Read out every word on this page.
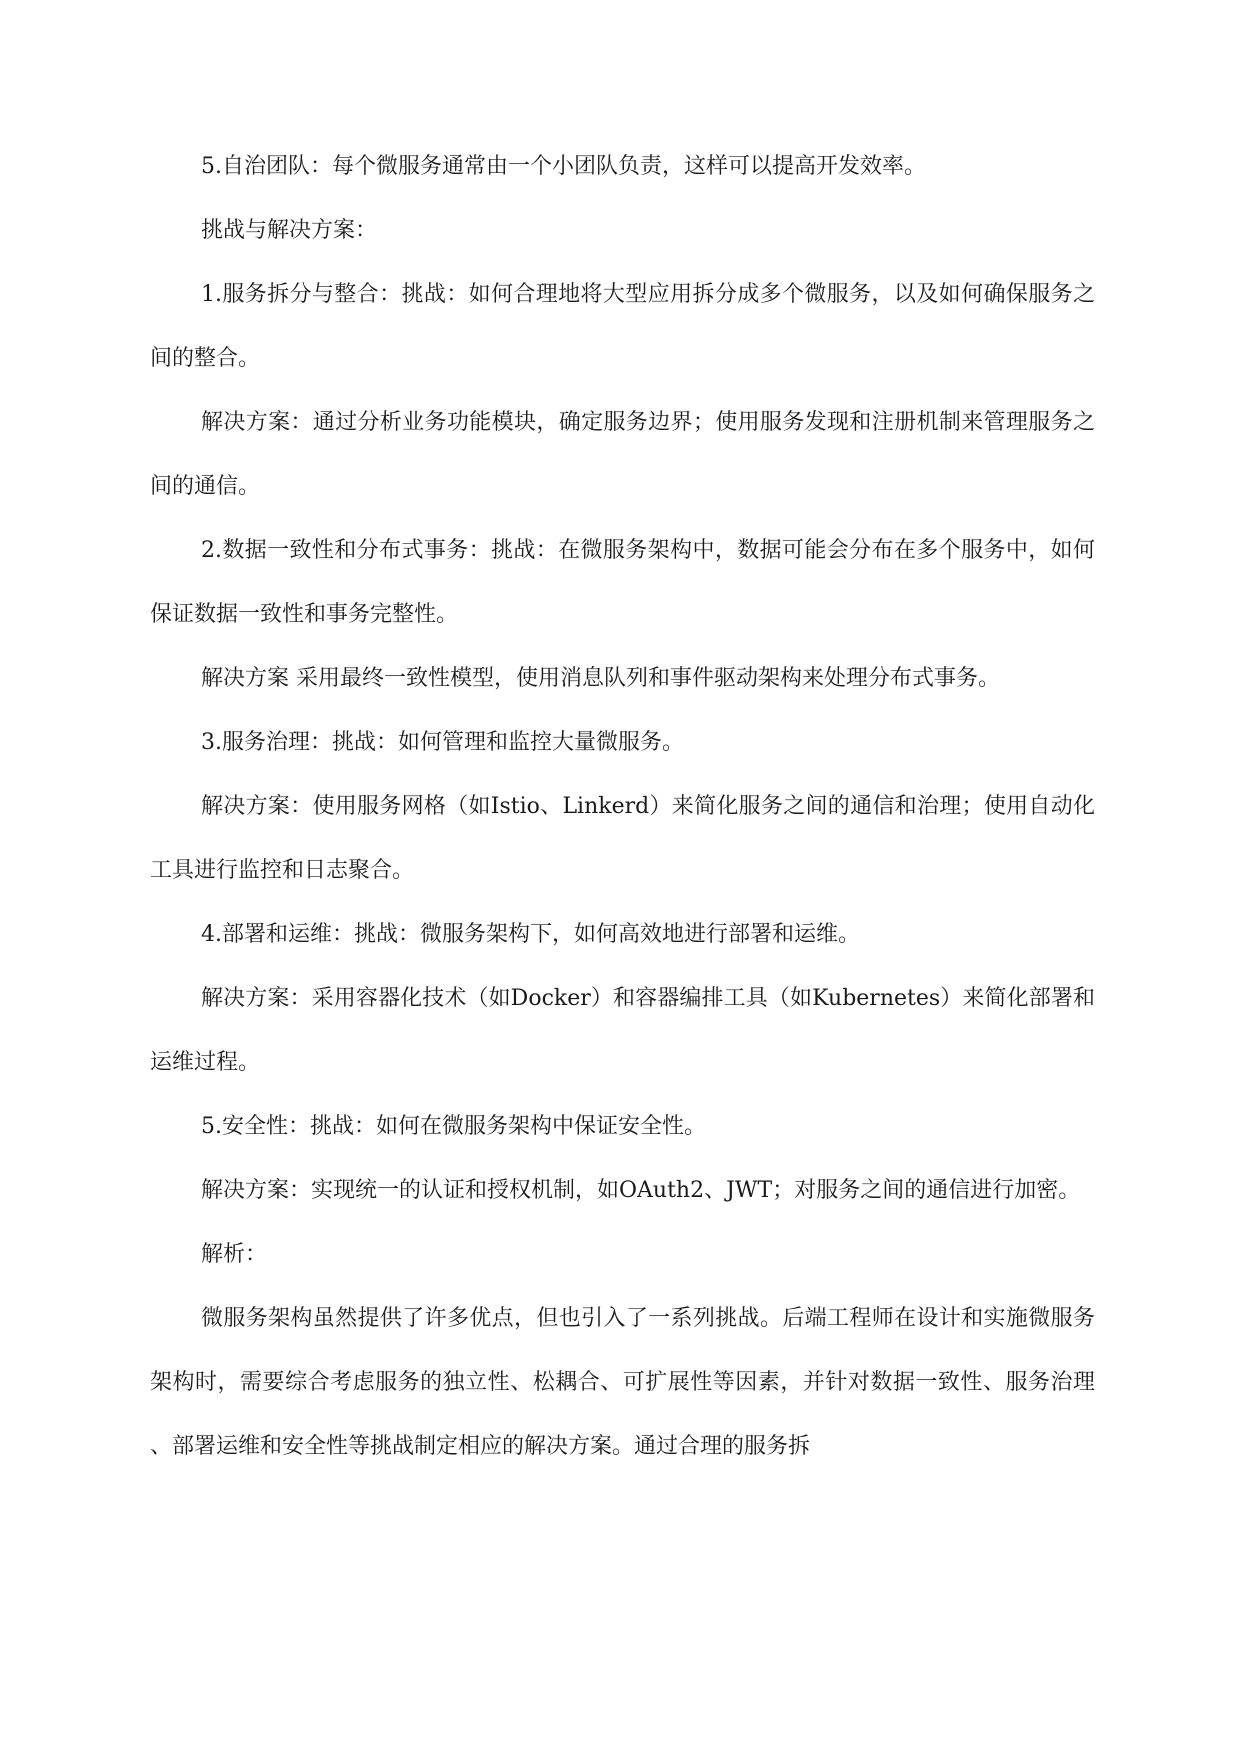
5.自治团队：每个微服务通常由一个小团队负责，这样可以提高开发效率。

挑战与解决方案：

1.服务拆分与整合：挑战：如何合理地将大型应用拆分成多个微服务，以及如何确保服务之间的整合。

解决方案：通过分析业务功能模块，确定服务边界；使用服务发现和注册机制来管理服务之间的通信。

2.数据一致性和分布式事务：挑战：在微服务架构中，数据可能会分布在多个服务中，如何保证数据一致性和事务完整性。

解决方案 采用最终一致性模型，使用消息队列和事件驱动架构来处理分布式事务。

3.服务治理：挑战：如何管理和监控大量微服务。

解决方案：使用服务网格（如Istio、Linkerd）来简化服务之间的通信和治理；使用自动化工具进行监控和日志聚合。

4.部署和运维：挑战：微服务架构下，如何高效地进行部署和运维。

解决方案：采用容器化技术（如Docker）和容器编排工具（如Kubernetes）来简化部署和运维过程。

5.安全性：挑战：如何在微服务架构中保证安全性。

解决方案：实现统一的认证和授权机制，如OAuth2、JWT；对服务之间的通信进行加密。

解析：

微服务架构虽然提供了许多优点，但也引入了一系列挑战。后端工程师在设计和实施微服务架构时，需要综合考虑服务的独立性、松耦合、可扩展性等因素，并针对数据一致性、服务治理、部署运维和安全性等挑战制定相应的解决方案。通过合理的服务拆
